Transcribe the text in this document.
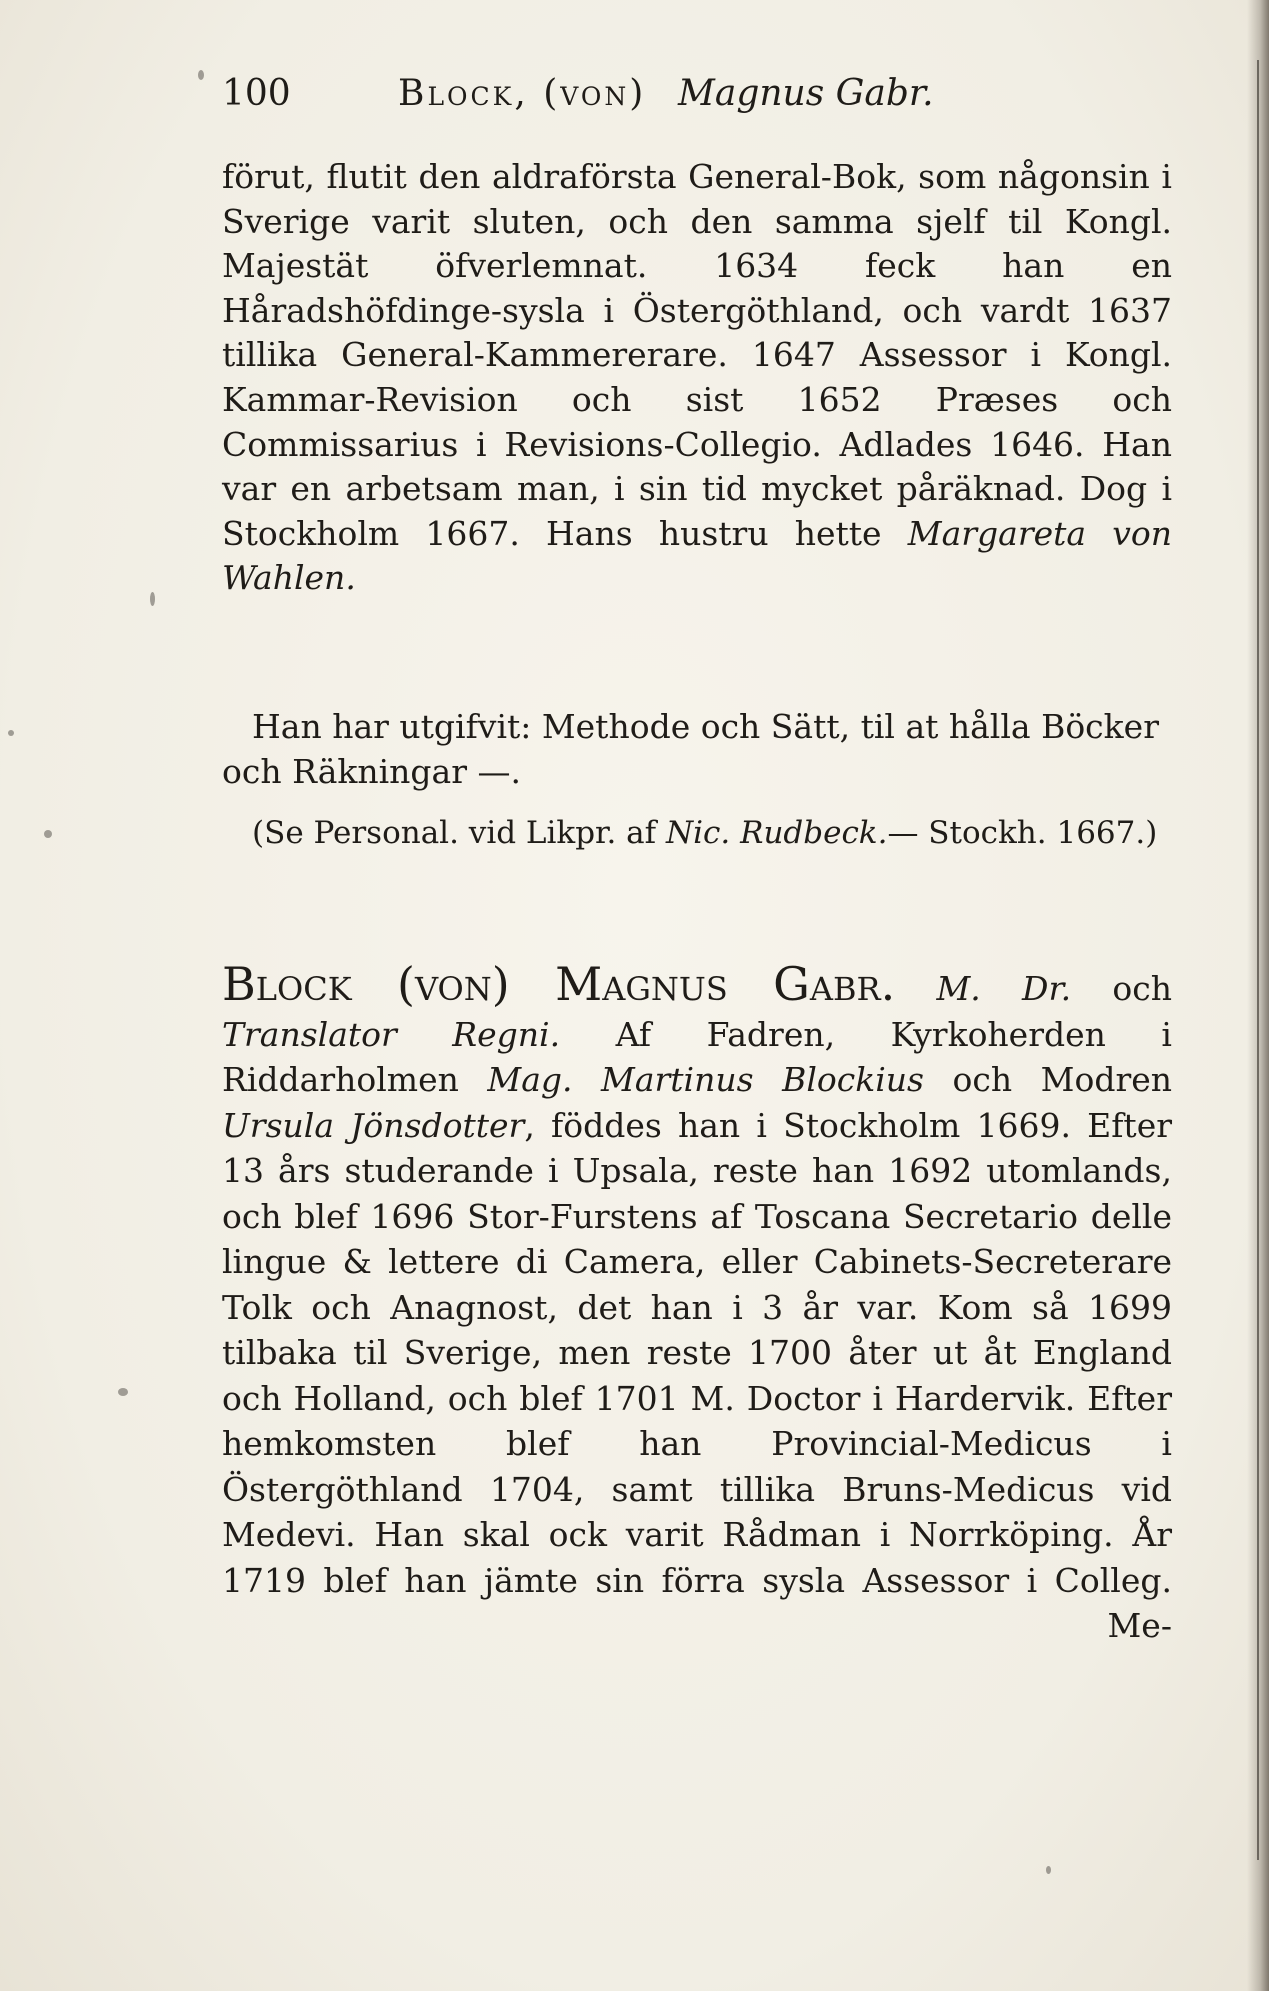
100	Block, (von) Magnus Gabr.
förut, flutit den aldraförsta General-Bok, som någonsin i Sverige varit sluten, och den samma sjelf til Kongl. Majestät öfverlemnat. 1634 feck han en Håradshöfdinge-sysla i Östergöthland, och vardt 1637 tillika General-Kammererare. 1647 Assessor i Kongl. Kammar-Revision och sist 1652 Præses och Commissarius i Revisions-Collegio. Adlades 1646. Han var en arbetsam man, i sin tid mycket påräknad. Dog i Stockholm 1667. Hans hustru hette Margareta von Wahlen.
Han har utgifvit: Methode och Sätt, til at hålla Böcker och Räkningar —.
(Se Personal. vid Likpr. af Nic. Rudbeck.— Stockh. 1667.)
Block (von) Magnus Gabr. M. Dr. och Translator Regni. Af Fadren, Kyrkoherden i Riddarholmen Mag. Martinus Blockius och Modren Ursula Jönsdotter, föddes han i Stockholm 1669. Efter 13 års studerande i Upsala, reste han 1692 utomlands, och blef 1696 Stor-Furstens af Toscana Secretario delle lingue & lettere di Camera, eller Cabinets-Secreterare Tolk och Anagnost, det han i 3 år var. Kom så 1699 tilbaka til Sverige, men reste 1700 åter ut åt England och Holland, och blef 1701 M. Doctor i Hardervik. Efter hemkomsten blef han Provincial-Medicus i Östergöthland 1704, samt tillika Bruns-Medicus vid Medevi. Han skal ock varit Rådman i Norrköping. År 1719 blef han jämte sin förra sysla Assessor i Colleg. Me-
